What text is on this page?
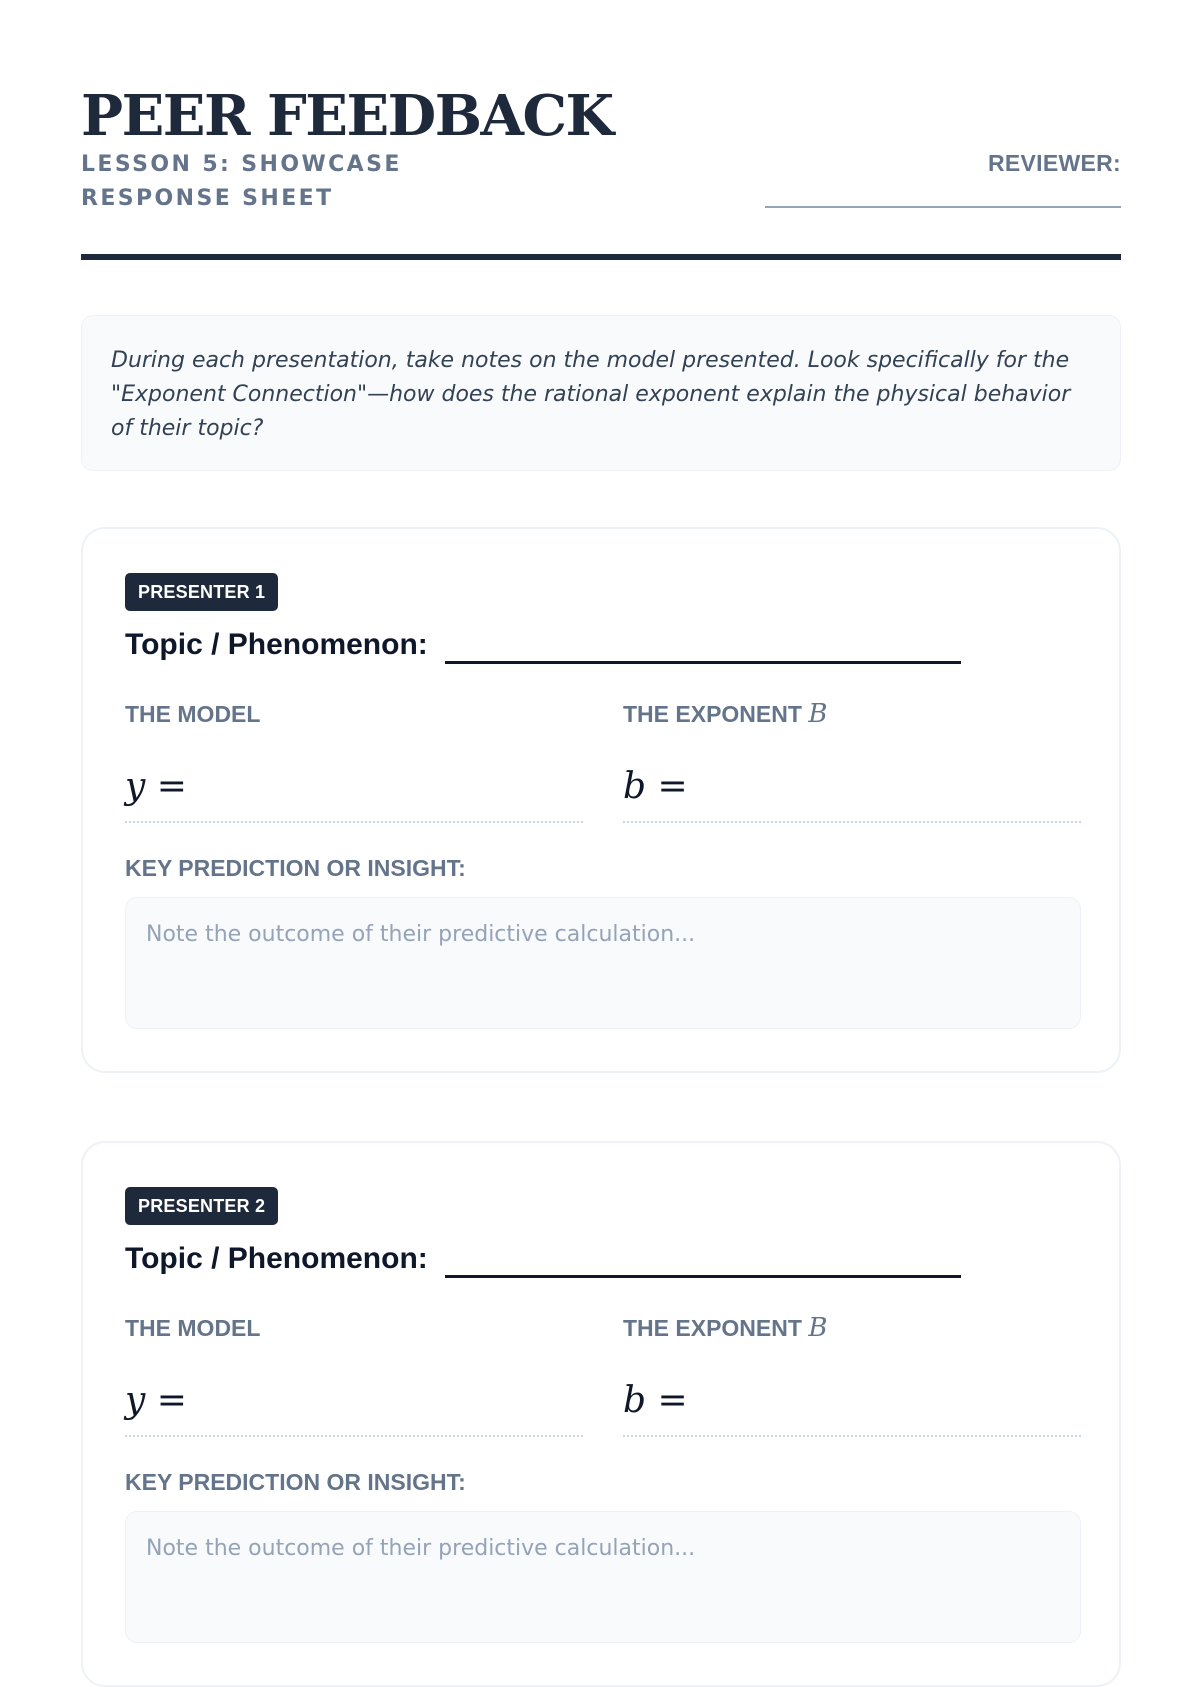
PEER FEEDBACK
LESSON 5: SHOWCASE RESPONSE SHEET
REVIEWER:
During each presentation, take notes on the model presented. Look specifically for the "Exponent Connection"—how does the rational exponent explain the physical behavior of their topic?
PRESENTER 1
Topic / Phenomenon:
THE MODEL	THE EXPONENT B
y =	b =
KEY PREDICTION OR INSIGHT:
Note the outcome of their predictive calculation...
PRESENTER 2
Topic / Phenomenon:
THE MODEL	THE EXPONENT B
y =	b =
KEY PREDICTION OR INSIGHT:
Note the outcome of their predictive calculation...
